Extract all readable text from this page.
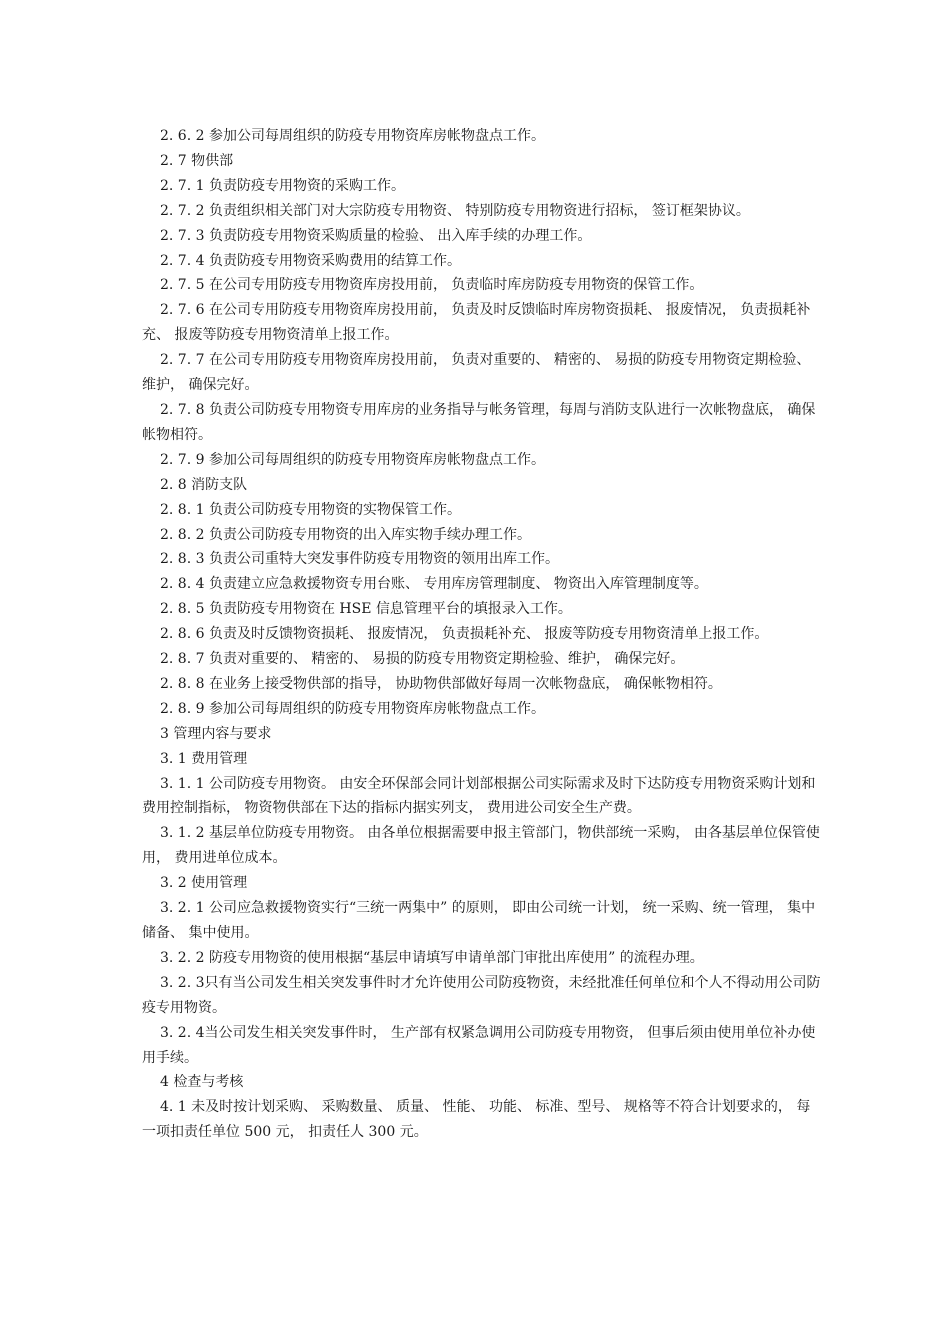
2. 6. 2 参加公司每周组织的防疫专用物资库房帐物盘点工作。

2. 7 物供部

2. 7. 1 负责防疫专用物资的采购工作。

2. 7. 2 负责组织相关部门对大宗防疫专用物资、 特别防疫专用物资进行招标， 签订框架协议。

2. 7. 3 负责防疫专用物资采购质量的检验、 出入库手续的办理工作。

2. 7. 4 负责防疫专用物资采购费用的结算工作。

2. 7. 5 在公司专用防疫专用物资库房投用前， 负责临时库房防疫专用物资的保管工作。

2. 7. 6 在公司专用防疫专用物资库房投用前， 负责及时反馈临时库房物资损耗、 报废情况， 负责损耗补充、 报废等防疫专用物资清单上报工作。

2. 7. 7 在公司专用防疫专用物资库房投用前， 负责对重要的、 精密的、 易损的防疫专用物资定期检验、 维护， 确保完好。

2. 7. 8 负责公司防疫专用物资专用库房的业务指导与帐务管理，每周与消防支队进行一次帐物盘底， 确保帐物相符。

2. 7. 9 参加公司每周组织的防疫专用物资库房帐物盘点工作。

2. 8 消防支队

2. 8. 1 负责公司防疫专用物资的实物保管工作。

2. 8. 2 负责公司防疫专用物资的出入库实物手续办理工作。

2. 8. 3 负责公司重特大突发事件防疫专用物资的领用出库工作。

2. 8. 4 负责建立应急救援物资专用台账、 专用库房管理制度、 物资出入库管理制度等。

2. 8. 5 负责防疫专用物资在 HSE 信息管理平台的填报录入工作。

2. 8. 6 负责及时反馈物资损耗、 报废情况， 负责损耗补充、 报废等防疫专用物资清单上报工作。

2. 8. 7 负责对重要的、 精密的、 易损的防疫专用物资定期检验、维护， 确保完好。

2. 8. 8 在业务上接受物供部的指导， 协助物供部做好每周一次帐物盘底， 确保帐物相符。

2. 8. 9 参加公司每周组织的防疫专用物资库房帐物盘点工作。

3 管理内容与要求

3. 1 费用管理

3. 1. 1 公司防疫专用物资。 由安全环保部会同计划部根据公司实际需求及时下达防疫专用物资采购计划和费用控制指标， 物资物供部在下达的指标内据实列支， 费用进公司安全生产费。

3. 1. 2 基层单位防疫专用物资。 由各单位根据需要申报主管部门，物供部统一采购， 由各基层单位保管使用， 费用进单位成本。

3. 2 使用管理

3. 2. 1 公司应急救援物资实行“三统一两集中” 的原则， 即由公司统一计划， 统一采购、统一管理， 集中储备、 集中使用。

3. 2. 2 防疫专用物资的使用根据“基层申请填写申请单部门审批出库使用” 的流程办理。

3. 2. 3只有当公司发生相关突发事件时才允许使用公司防疫物资，未经批准任何单位和个人不得动用公司防疫专用物资。

3. 2. 4当公司发生相关突发事件时， 生产部有权紧急调用公司防疫专用物资， 但事后须由使用单位补办使用手续。

4 检查与考核

4. 1 未及时按计划采购、 采购数量、 质量、 性能、 功能、 标准、型号、 规格等不符合计划要求的， 每一项扣责任单位 500 元， 扣责任人 300 元。
